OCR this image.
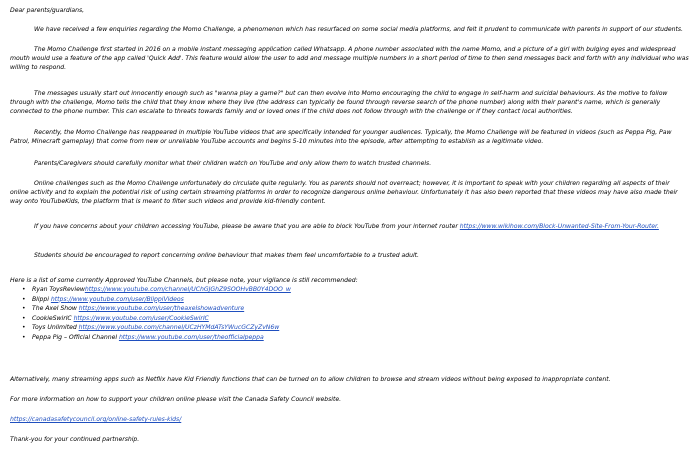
Dear parents/guardians,

We have received a few enquiries regarding the Momo Challenge, a phenomenon which has resurfaced on some social media platforms, and felt it prudent to communicate with parents in support of our students.

The Momo Challenge first started in 2016 on a mobile instant messaging application called Whatsapp. A phone number associated with the name Momo, and a picture of a girl with bulging eyes and widespread mouth would use a feature of the app called 'Quick Add'. This feature would allow the user to add and message multiple numbers in a short period of time to then send messages back and forth with any individual who was willing to respond.

The messages usually start out innocently enough such as "wanna play a game?" but can then evolve into Momo encouraging the child to engage in self-harm and suicidal behaviours. As the motive to follow through with the challenge, Momo tells the child that they know where they live (the address can typically be found through reverse search of the phone number) along with their parent's name, which is generally connected to the phone number. This can escalate to threats towards family and or loved ones if the child does not follow through with the challenge or if they contact local authorities.

Recently, the Momo Challenge has reappeared in multiple YouTube videos that are specifically intended for younger audiences. Typically, the Momo Challenge will be featured in videos (such as Peppa Pig, Paw Patrol, Minecraft gameplay) that come from new or unreliable YouTube accounts and begins 5-10 minutes into the episode, after attempting to establish as a legitimate video.

Parents/Caregivers should carefully monitor what their children watch on YouTube and only allow them to watch trusted channels.

Online challenges such as the Momo Challenge unfortunately do circulate quite regularly. You as parents should not overreact; however, it is important to speak with your children regarding all aspects of their online activity and to explain the potential risk of using certain streaming platforms in order to recognize dangerous online behaviour. Unfortunately it has also been reported that these videos may have also made their way onto YouTubeKids, the platform that is meant to filter such videos and provide kid-friendly content.

If you have concerns about your children accessing YouTube, please be aware that you are able to block YouTube from your internet router https://www.wikihow.com/Block-Unwanted-Site-From-Your-Router.

Students should be encouraged to report concerning online behaviour that makes them feel uncomfortable to a trusted adult.

Here is a list of some currently Approved YouTube Channels, but please note, your vigilance is still recommended:

• Ryan ToysReviewhttps://www.youtube.com/channel/UChGJGhZ9SOOHvBB0Y4DOO_w
• Blippi https://www.youtube.com/user/BlippiVideos
• The Axel Show https://www.youtube.com/user/theaxelshowadventure
• CookieSwirlC https://www.youtube.com/user/CookieSwirlC
• Toys Unlimited https://www.youtube.com/channel/UCzHYMdATsYWucGCZyZvN6w
• Peppa Pig – Official Channel https://www.youtube.com/user/theofficialpeppa

Alternatively, many streaming apps such as Netflix have Kid Friendly functions that can be turned on to allow children to browse and stream videos without being exposed to inappropriate content.

For more information on how to support your children online please visit the Canada Safety Council website.

https://canadasafetycouncil.org/online-safety-rules-kids/

Thank-you for your continued partnership.
